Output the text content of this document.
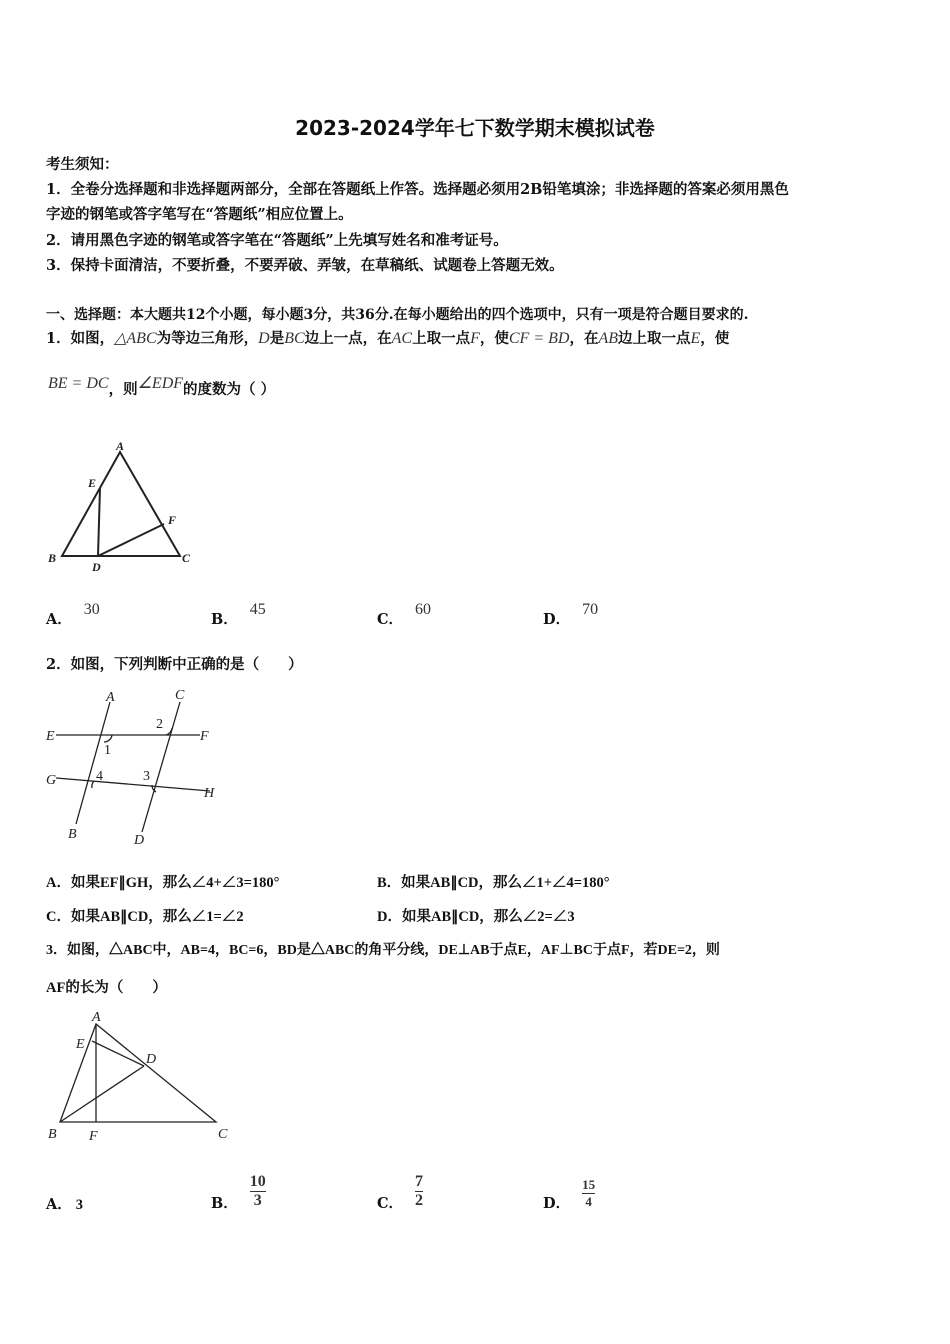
2023-2024学年七下数学期末模拟试卷
考生须知：
1．全卷分选择题和非选择题两部分，全部在答题纸上作答。选择题必须用2B铅笔填涂；非选择题的答案必须用黑色
字迹的钢笔或答字笔写在“答题纸”相应位置上。
2．请用黑色字迹的钢笔或答字笔在“答题纸”上先填写姓名和准考证号。
3．保持卡面清洁，不要折叠，不要弄破、弄皱，在草稿纸、试题卷上答题无效。
一、选择题：本大题共12个小题，每小题3分，共36分.在每小题给出的四个选项中，只有一项是符合题目要求的.
1．如图，△ABC为等边三角形，D是BC边上一点，在AC上取一点F，使CF = BD，在AB边上取一点E，使
BE = DC，则∠EDF的度数为（ ）
A
E
F
B
D
C
A．30
B．45
C．60
D．70
2．如图，下列判断中正确的是（　　）
A	C
2
E	F
1
G	4	3
H
B	D
A．如果EF∥GH，那么∠4+∠3=180°	B．如果AB∥CD，那么∠1+∠4=180°
C．如果AB∥CD，那么∠1=∠2	D．如果AB∥CD，那么∠2=∠3
3．如图，△ABC中，AB=4，BC=6，BD是△ABC的角平分线，DE⊥AB于点E，AF⊥BC于点F，若DE=2，则
AF的长为（　　）
A
E
D
B F	C
A． 3	B． $\frac{10}{3}$	C． $\frac{7}{2}$	D． $\frac{15}{4}$
